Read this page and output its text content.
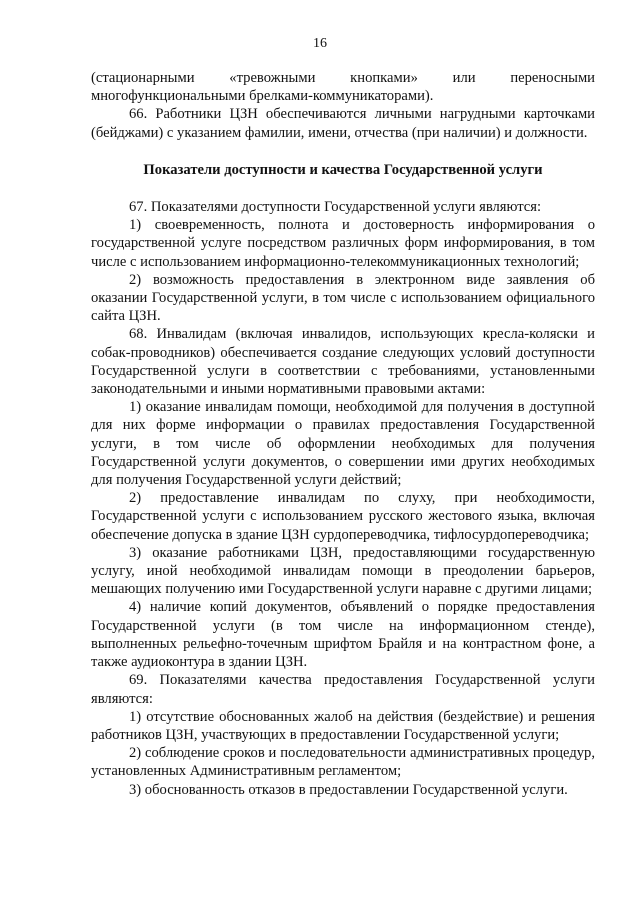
16

(стационарными «тревожными кнопками» или переносными многофункциональными брелками-коммуникаторами).

66. Работники ЦЗН обеспечиваются личными нагрудными карточками (бейджами) с указанием фамилии, имени, отчества (при наличии) и должности.

Показатели доступности и качества Государственной услуги

67. Показателями доступности Государственной услуги являются:

1) своевременность, полнота и достоверность информирования о государственной услуге посредством различных форм информирования, в том числе с использованием информационно-телекоммуникационных технологий;

2) возможность предоставления в электронном виде заявления об оказании Государственной услуги, в том числе с использованием официального сайта ЦЗН.

68. Инвалидам (включая инвалидов, использующих кресла-коляски и собак-проводников) обеспечивается создание следующих условий доступности Государственной услуги в соответствии с требованиями, установленными законодательными и иными нормативными правовыми актами:

1) оказание инвалидам помощи, необходимой для получения в доступной для них форме информации о правилах предоставления Государственной услуги, в том числе об оформлении необходимых для получения Государственной услуги документов, о совершении ими других необходимых для получения Государственной услуги действий;

2) предоставление инвалидам по слуху, при необходимости, Государственной услуги с использованием русского жестового языка, включая обеспечение допуска в здание ЦЗН сурдопереводчика, тифлосурдопереводчика;

3) оказание работниками ЦЗН, предоставляющими государственную услугу, иной необходимой инвалидам помощи в преодолении барьеров, мешающих получению ими Государственной услуги наравне с другими лицами;

4) наличие копий документов, объявлений о порядке предоставления Государственной услуги (в том числе на информационном стенде), выполненных рельефно-точечным шрифтом Брайля и на контрастном фоне, а также аудиоконтура в здании ЦЗН.

69. Показателями качества предоставления Государственной услуги являются:

1) отсутствие обоснованных жалоб на действия (бездействие) и решения работников ЦЗН, участвующих в предоставлении Государственной услуги;

2) соблюдение сроков и последовательности административных процедур, установленных Административным регламентом;

3) обоснованность отказов в предоставлении Государственной услуги.
